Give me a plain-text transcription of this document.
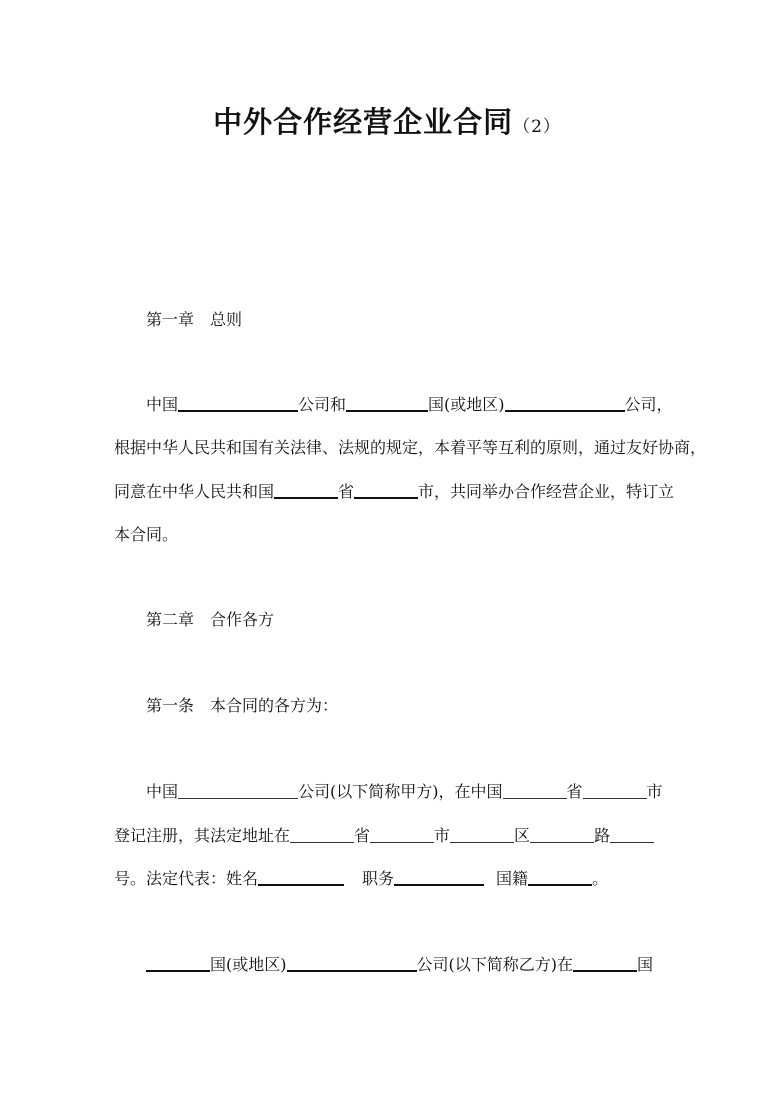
中外合作经营企业合同（2）
第一章　总则
中国	公司和	国(或地区)	公司，
根据中华人民共和国有关法律、法规的规定，本着平等互利的原则，通过友好协商，
同意在中华人民共和国	省	市，共同举办合作经营企业，特订立
本合同。
第二章　合作各方
第一条　本合同的各方为：
中国	公司(以下简称甲方)，在中国	省	市
登记注册，其法定地址在	省	市	区	路
号。法定代表：姓名	职务	国籍	。
国(或地区)	公司(以下简称乙方)在	国
